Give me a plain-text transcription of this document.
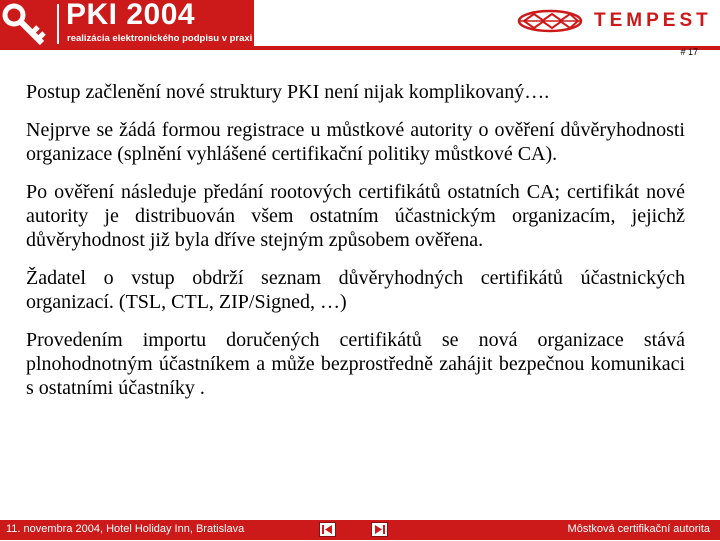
PKI 2004
realizácia elektronického podpisu v praxi
TEMPEST
# 17

Postup začlenění nové struktury PKI není nijak komplikovaný….

Nejprve se žádá formou registrace u můstkové autority o ověření důvěryhodnosti organizace (splnění vyhlášené certifikační politiky můstkové CA).

Po ověření následuje předání rootových certifikátů ostatních CA; certifikát nové autority je distribuován všem ostatním účastnickým organizacím, jejichž důvěryhodnost již byla dříve stejným způsobem ověřena.

Žadatel o vstup obdrží seznam důvěryhodných certifikátů účastnických organizací. (TSL, CTL, ZIP/Signed, …)

Provedením importu doručených certifikátů se nová organizace stává plnohodnotným účastníkem a může bezprostředně zahájit bezpečnou komunikaci s ostatními účastníky .

11. novembra 2004, Hotel Holiday Inn, Bratislava	Môstková certifikační autorita
